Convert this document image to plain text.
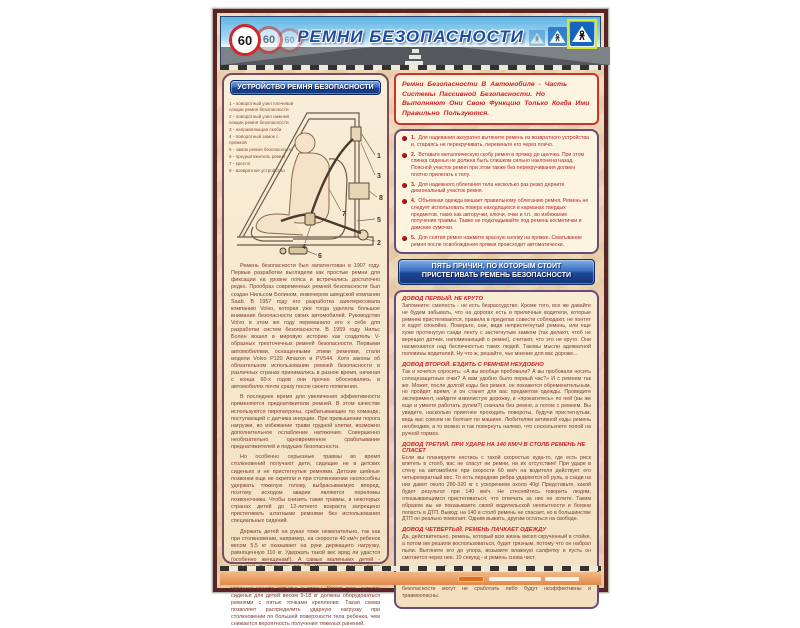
60 60 60 РЕМНИ БЕЗОПАСНОСТИ
УСТРОЙСТВО РЕМНЯ БЕЗОПАСНОСТИ
1 - поворотный узел плечевой секции ремня безопасности
2 - поворотный узел нижней секции ремня безопасности
3 - направляющая скоба
4 - поворотный замок с пряжкой
5 - замок ремня безопасности
6 - преднатяжитель ремня
7 - кресло
8 - возвратное устройство
1
3
8
7
5
2
4
6

Ремень безопасности был запатентован в 1907 году. Первые разработки выглядели как простые ремни для фиксации на уровне пояса и встречались достаточно редко. Прообраз современных ремней безопасности был создан Нильсом Болином, инженером шведской компании Saab. В 1957 году его разработка заинтересовала компанию Volvo, которая уже тогда уделяла большое внимание безопасности своих автомобилей. Руководство Volvo в этом же году переманило его к себе для разработки систем безопасности. В 1959 году Нильс Болин вошел в мировую историю как создатель V-образных трехточечных ремней безопасности. Первыми автомобилями, оснащенными этими ремнями, стали модели Volvo P120 Amazon и PV544. Хотя законы об обязательном использовании ремней безопасности в различных странах принимались в разное время, начиная с конца 60-х годов они прочно обосновались в автомобилях почти сразу после своего появления.

В последнее время для увеличения эффективности применяются преднатяжители ремней. В этом качестве используются пиропатроны, срабатывающие по команде, поступающей с датчика инерции. При превышении порога нагрузки, во избежание травм грудной клетки, возможно дополнительное ослабление натяжения. Совершенно необязательно одновременное срабатывание преднатяжителей и подушек безопасности.

Но особенно серьезные травмы во время столкновений получают дети, сидящие не в детских сиденьях и не пристегнутые ремнями. Детские шейные позвонки еще не окрепли и при столкновении неспособны удержать тяжелую голову, выбрасываемую вперед, поэтому исходом аварии являются переломы позвоночника. Чтобы снизить такие травмы, в некоторых странах детей до 12-летнего возраста запрещено пристегивать штатными ремнями без использования специальных сидений.

Держать детей на руках тоже нежелательно, так как при столкновении, например, на скорости 40 км/ч ребенок весом 5,5 кг оказывает на руки держащего нагрузку, равноценную 110 кг. Удержать такой вес вряд ли удастся (особенно женщинам!). А самых маленьких детей - хорошая защита затылка и спины. Кроме того, детские сиденья для детей весом 9-18 кг должны оборудоваться ремнями с пятью точками крепления. Такая схема позволяет распределить ударную нагрузку при столкновении по большей поверхности тела ребенка, чем снижается вероятность получения тяжелых ранений.

Ремни Безопасности В Автомобиле - Часть Системы Пассивной Безопасности. Но Выполняют Они Свою Функцию Только Когда Ими Правильно Пользуются.
1. Для надевания аккуратно вытяните ремень из возвратного устройства и, стараясь не перекручивать, перекиньте его через плечо.
2. Вставьте металлическую скобу ремня в пряжку до щелчка. При этом спинка сиденья не должна быть слишком сильно наклонена назад. Поясной участок ремня при этом также без перекручивания должен плотно прилегать к телу.
3. Для надежного облегания тела несколько раз резко дерните диагональный участок ремня.
4. Объемная одежда мешает правильному облеганию ремня. Ремень не следует использовать поверх находящихся в карманах твердых предметов, таких как авторучки, ключи, очки и т.п., во избежание получения травмы. Также не подкладывайте под ремень косметички и дамские сумочки.
5. Для снятия ремня нажмите красную кнопку на пряжке. Сматывание ремня после освобождения пряжки происходит автоматически.
ПЯТЬ ПРИЧИН, ПО КОТОРЫМ СТОИТ ПРИСТЕГИВАТЬ РЕМЕНЬ БЕЗОПАСНОСТИ
ДОВОД ПЕРВЫЙ. НЕ КРУТО

Запомните: смелость - не есть безрассудство. Кроме того, все же давайте не будем забывать, что на дорогах есть и приличные водители, которые ремнем пристегиваются, правила в пределах совести соблюдают, не понтят и ездят спокойно. Поверьте, они, видя непристегнутый ремень, или еще хуже протянутую сзади ленту с застегнутым замком (так делают, чтоб не верещал датчик, напоминающий о ремне), считают, что это не круто. Они насмехаются над беспечностью таких людей. Таковы мысли адекватной половины водителей. Ну что ж, решайте, чье мнение для вас дороже...

ДОВОД ВТОРОЙ. ЕЗДИТЬ С РЕМНЕМ НЕУДОБНО

Так и хочется спросить: «А вы вообще пробовали? А вы пробовали носить солнцезащитные очки? А вам удобно было первый час?» И с ремнем так же. Может, после долгой езды без ремня, он покажется обременительным, но пройдет время, и он станет для вас предметом одежды. Проведите эксперимент, найдите извилистую дорожку, и «прокатитесь» по ней (вы же еще и умеете работать рулем?) сначала без ремня, а потом с ремнем. Вы увидите, насколько приятнее проходить повороты, будучи пристегнутым, ведь вас совсем не болтает по машине. Любителям активной езды ремень необходим, а то можно и так повернуть налево, что соскользнете попой на ручной тормоз.

ДОВОД ТРЕТИЙ. ПРИ УДАРЕ НА 140 КМ/Ч В СТОЛБ РЕМЕНЬ НЕ СПАСЕТ

Если вы планируете нестись с такой скоростью куда-то, где есть риск влететь в столб, вас не спасут ни ремни, ни их отсутствие! При ударе в стену на автомобиле при скорости 60 км/ч на водителя действует его четырехкратный вес. То есть передние ребра ударяются об руль, а сзади на них давит около 280-320 кг с ускорением около 40g! Представьте, какой будет результат при 140 км/ч. Не стесняйтесь говорить людям, отказывающимся пристегиваться, что отвечать за них не хотите. Таким образом вы не показываете своей водительской неопытности и боязни попасть в ДТП. Вывод: на 140 в столб ремень не спасает, но в большинстве ДТП он реально помогает. Одним выжить, другим остаться на свободе.

ДОВОД ЧЕТВЕРТЫЙ. РЕМЕНЬ ПАЧКАЕТ ОДЕЖДУ

Да, действительно, ремень, который всю жизнь висел скрученный в стойке, а потом им решили воспользоваться, будет грязным, потому что он набрал пыли. Вытяните его до упора, возьмите влажную салфетку и пусть он смотается через нее. 10 секунд - и ремень снова чист.

безопасности могут не сработать либо будут неэффективны и травмоопасны.
